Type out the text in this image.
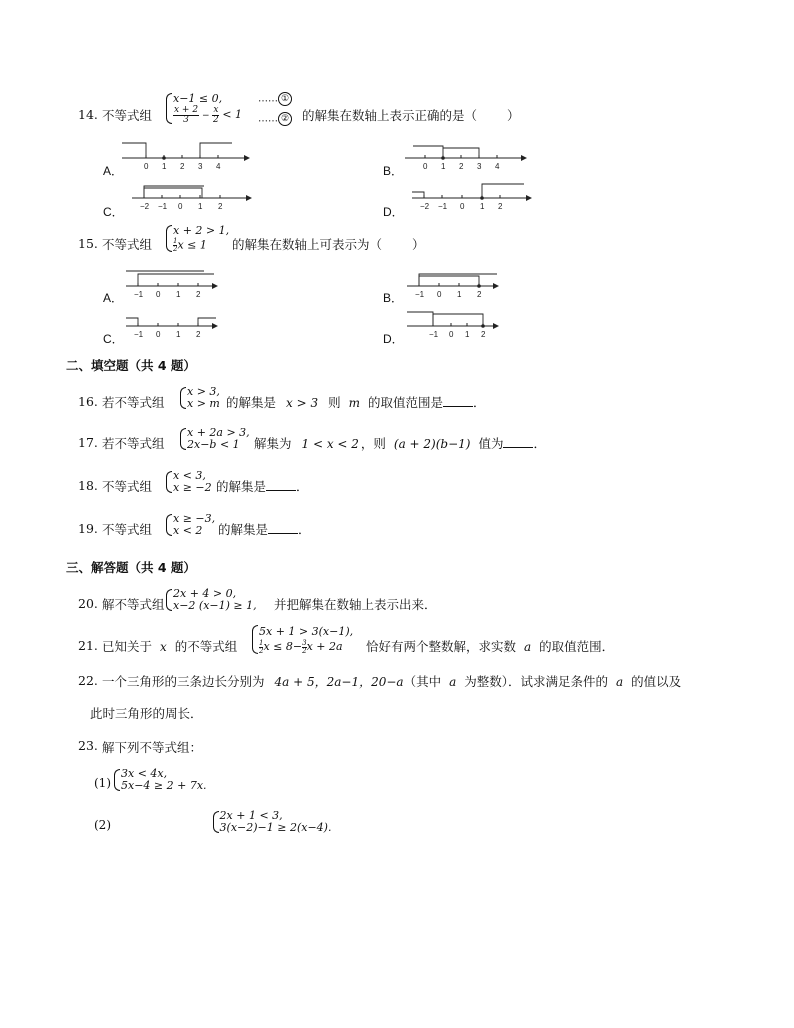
14. 不等式组
x−1 ≤ 0,
$\frac{x + 2}{3} - \frac{x}{2} < 1$
…… ①
…… ② 的解集在数轴上表示正确的是（ ）
A．	0 1 2 3 4	B． 0 1 2 3 4
C． −2 −1 0 1 2	D． −2 −1 0 1 2
15. 不等式组
x + 2 > 1,
$\frac{1}{2}$ x ≤ 1	的解集在数轴上可表示为（ ）
A． −1 0 1 2	B． −1 0 1 2
C． −1 0 1 2	D．	−1 0 1 2
二、填空题（共 4 题）
16. 若不等式组
x > 3,
x > m 的解集是 x > 3 则 m 的取值范围是 ．
17. 若不等式组
x + 2a > 3,
2x−b < 1	解集为 1 < x < 2 ，则 (a + 2)(b−1) 值为 ．
18. 不等式组
x < 3,
x ≥ −2 的解集是 ．
19. 不等式组
x ≥ −3,
x < 2	的解集是 ．
三、解答题（共 4 题）
20. 解不等式组
2x + 4 > 0,
x−2 (x−1) ≥ 1, 并把解集在数轴上表示出来．
21. 已知关于 x 的不等式组
5x + 1 > 3(x−1),
$\frac{1}{2}$ $x \le 8- \frac{3}{2}$ x + 2a	恰好有两个整数解，求实数 a 的取值范围．
22. 一个三角形的三条边长分别为 4a + 5，2a−1，20−a（其中 a 为整数）．试求满足条件的 a 的值以及
此时三角形的周长．
23. 解下列不等式组：
(1)
3x < 4x,
5x−4 ≥ 2 + 7x.

(2)
2x + 1 < 3,
3(x−2)−1 ≥ 2(x−4).
